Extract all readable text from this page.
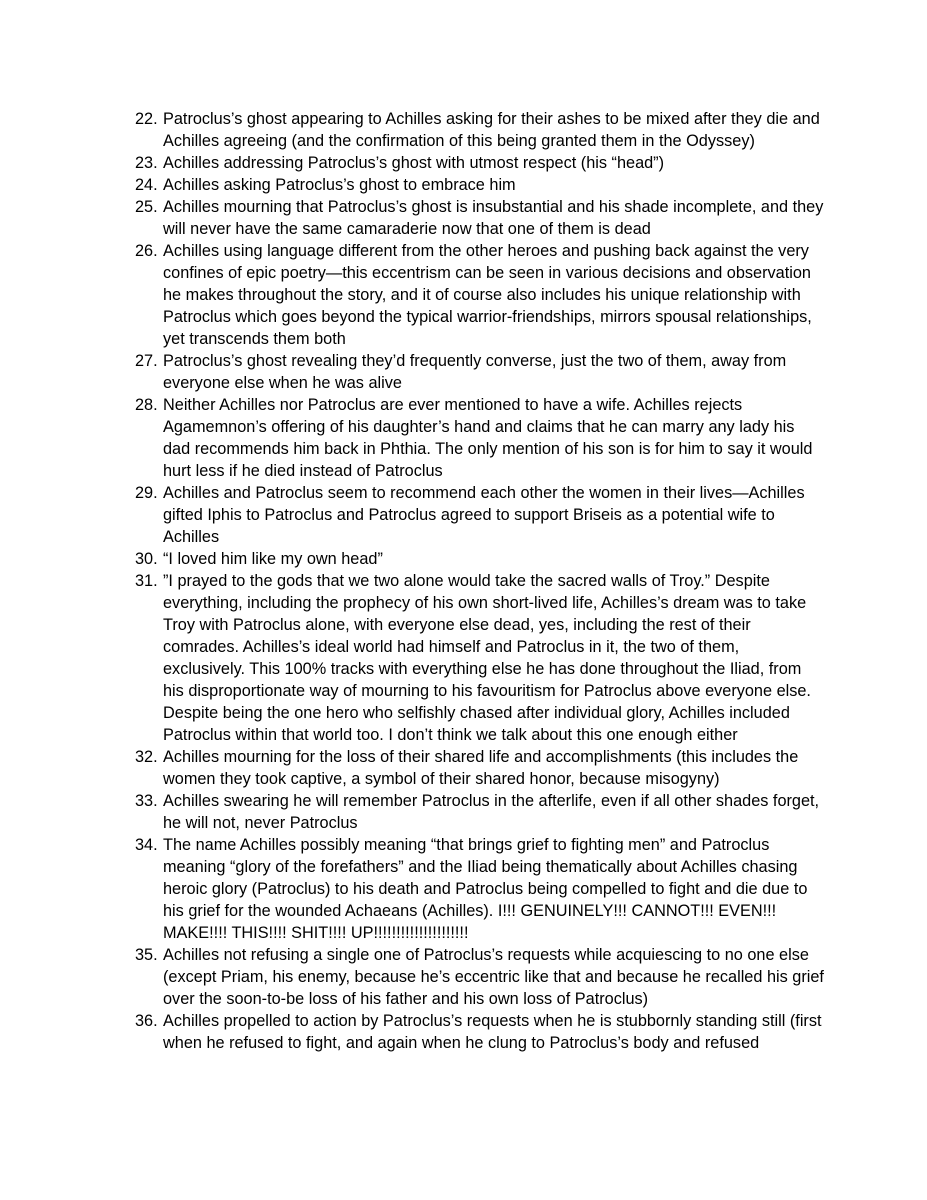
22. Patroclus’s ghost appearing to Achilles asking for their ashes to be mixed after they die and Achilles agreeing (and the confirmation of this being granted them in the Odyssey)
23. Achilles addressing Patroclus’s ghost with utmost respect (his “head”)
24. Achilles asking Patroclus’s ghost to embrace him
25. Achilles mourning that Patroclus’s ghost is insubstantial and his shade incomplete, and they will never have the same camaraderie now that one of them is dead
26. Achilles using language different from the other heroes and pushing back against the very confines of epic poetry—this eccentrism can be seen in various decisions and observation he makes throughout the story, and it of course also includes his unique relationship with Patroclus which goes beyond the typical warrior-friendships, mirrors spousal relationships, yet transcends them both
27. Patroclus’s ghost revealing they’d frequently converse, just the two of them, away from everyone else when he was alive
28. Neither Achilles nor Patroclus are ever mentioned to have a wife. Achilles rejects Agamemnon’s offering of his daughter’s hand and claims that he can marry any lady his dad recommends him back in Phthia. The only mention of his son is for him to say it would hurt less if he died instead of Patroclus
29. Achilles and Patroclus seem to recommend each other the women in their lives—Achilles gifted Iphis to Patroclus and Patroclus agreed to support Briseis as a potential wife to Achilles
30. “I loved him like my own head”
31. ”I prayed to the gods that we two alone would take the sacred walls of Troy.” Despite everything, including the prophecy of his own short-lived life, Achilles’s dream was to take Troy with Patroclus alone, with everyone else dead, yes, including the rest of their comrades. Achilles’s ideal world had himself and Patroclus in it, the two of them, exclusively. This 100% tracks with everything else he has done throughout the Iliad, from his disproportionate way of mourning to his favouritism for Patroclus above everyone else. Despite being the one hero who selfishly chased after individual glory, Achilles included Patroclus within that world too. I don’t think we talk about this one enough either
32. Achilles mourning for the loss of their shared life and accomplishments (this includes the women they took captive, a symbol of their shared honor, because misogyny)
33. Achilles swearing he will remember Patroclus in the afterlife, even if all other shades forget, he will not, never Patroclus
34. The name Achilles possibly meaning “that brings grief to fighting men” and Patroclus meaning “glory of the forefathers” and the Iliad being thematically about Achilles chasing heroic glory (Patroclus) to his death and Patroclus being compelled to fight and die due to his grief for the wounded Achaeans (Achilles). I!!! GENUINELY!!! CANNOT!!! EVEN!!! MAKE!!!! THIS!!!! SHIT!!!! UP!!!!!!!!!!!!!!!!!!!!!
35. Achilles not refusing a single one of Patroclus’s requests while acquiescing to no one else (except Priam, his enemy, because he’s eccentric like that and because he recalled his grief over the soon-to-be loss of his father and his own loss of Patroclus)
36. Achilles propelled to action by Patroclus’s requests when he is stubbornly standing still (first when he refused to fight, and again when he clung to Patroclus’s body and refused
